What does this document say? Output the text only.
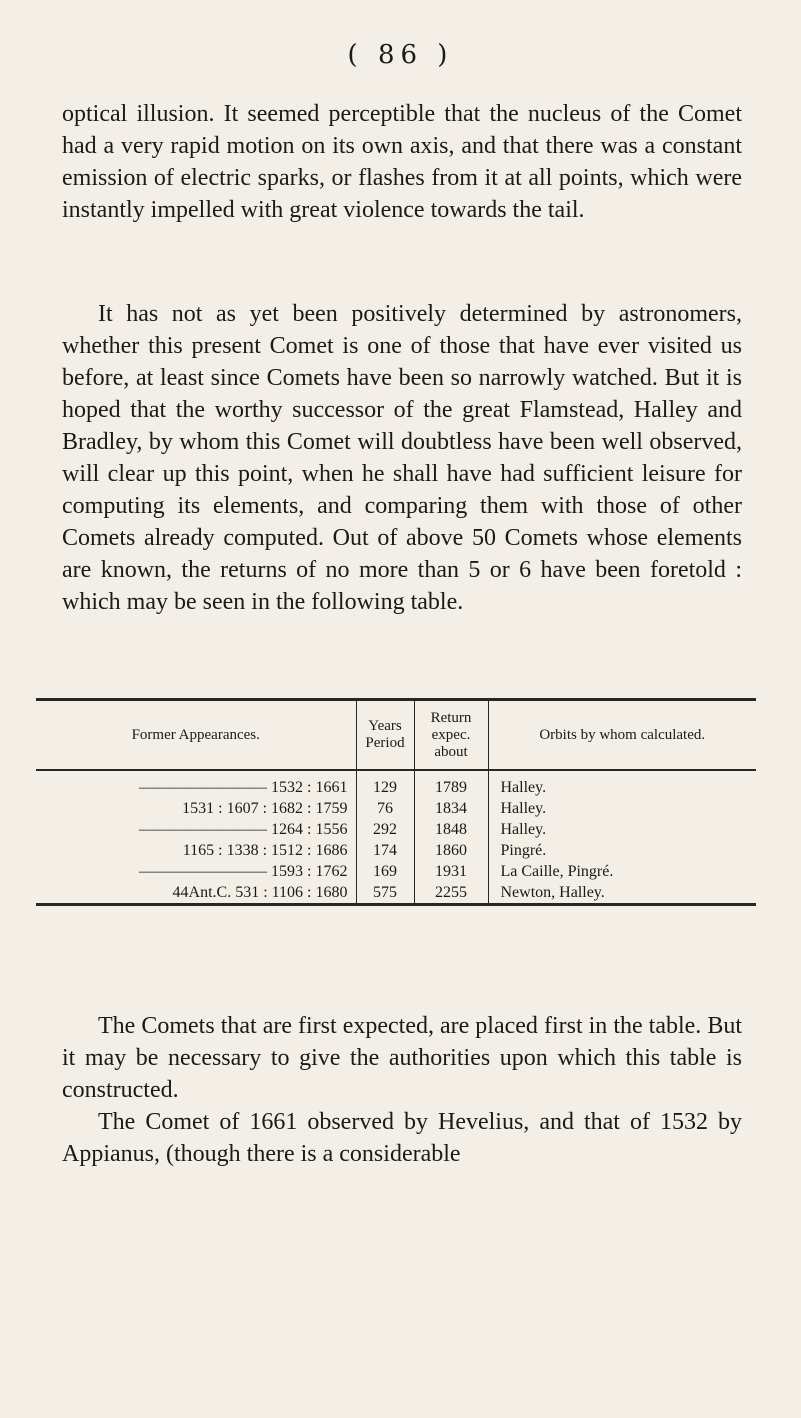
( 86 )
optical illusion. It seemed perceptible that the nucleus of the Comet had a very rapid motion on its own axis, and that there was a constant emission of electric sparks, or flashes from it at all points, which were instantly impelled with great violence towards the tail.
It has not as yet been positively determined by astronomers, whether this present Comet is one of those that have ever visited us before, at least since Comets have been so narrowly watched. But it is hoped that the worthy successor of the great Flamstead, Halley and Bradley, by whom this Comet will doubtless have been well observed, will clear up this point, when he shall have had sufficient leisure for computing its elements, and comparing them with those of other Comets already computed. Out of above 50 Comets whose elements are known, the returns of no more than 5 or 6 have been foretold : which may be seen in the following table.
Former Appearances.	Years Period	Return expec. about	Orbits by whom calculated.
———————— 1532 : 1661	129	1789	Halley.
1531 : 1607 : 1682 : 1759	76	1834	Halley.
———————— 1264 : 1556	292	1848	Halley.
1165 : 1338 : 1512 : 1686	174	1860	Pingré.
———————— 1593 : 1762	169	1931	La Caille, Pingré.
44Ant.C. 531 : 1106 : 1680	575	2255	Newton, Halley.
The Comets that are first expected, are placed first in the table. But it may be necessary to give the authorities upon which this table is constructed.
The Comet of 1661 observed by Hevelius, and that of 1532 by Appianus, (though there is a considerable
